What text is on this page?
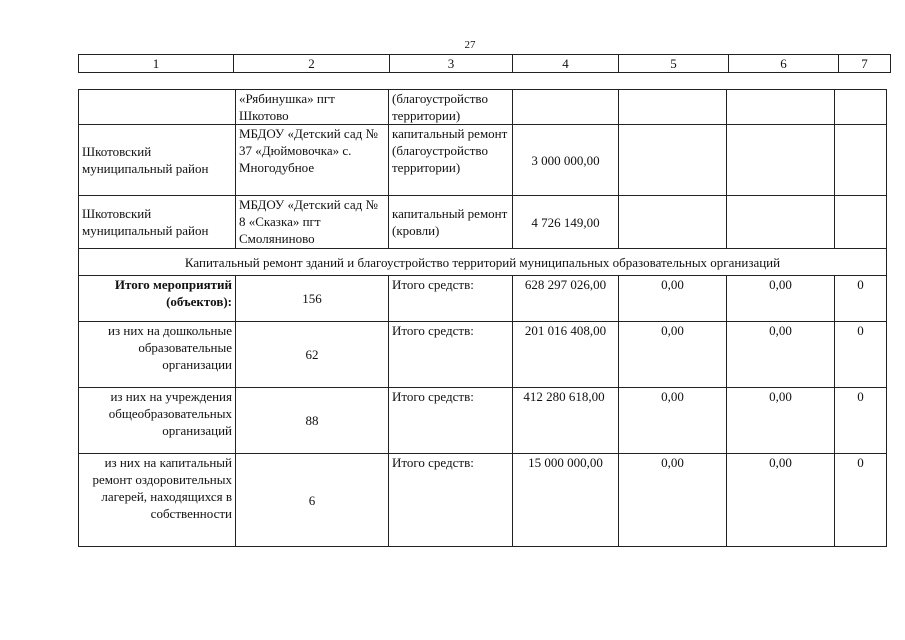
27
1	2	3	4	5	6	7
	«Рябинушка» пгт Шкотово	(благоустройство территории)				
Шкотовский муниципальный район	МБДОУ «Детский сад № 37 «Дюймовочка» с. Многодубное	капитальный ремонт (благоустройство территории)	3 000 000,00			
Шкотовский муниципальный район	МБДОУ «Детский сад № 8 «Сказка» пгт Смоляниново	капитальный ремонт (кровли)	4 726 149,00			
Капитальный ремонт зданий и благоустройство территорий муниципальных образовательных организаций						
Итого мероприятий (объектов):	156	Итого средств:	628 297 026,00	0,00	0,00	0
из них на дошкольные образовательные организации	62	Итого средств:	201 016 408,00	0,00	0,00	0
из них на учреждения общеобразовательных организаций	88	Итого средств:	412 280 618,00	0,00	0,00	0
из них на капитальный ремонт оздоровительных лагерей, находящихся в собственности	6	Итого средств:	15 000 000,00	0,00	0,00	0
